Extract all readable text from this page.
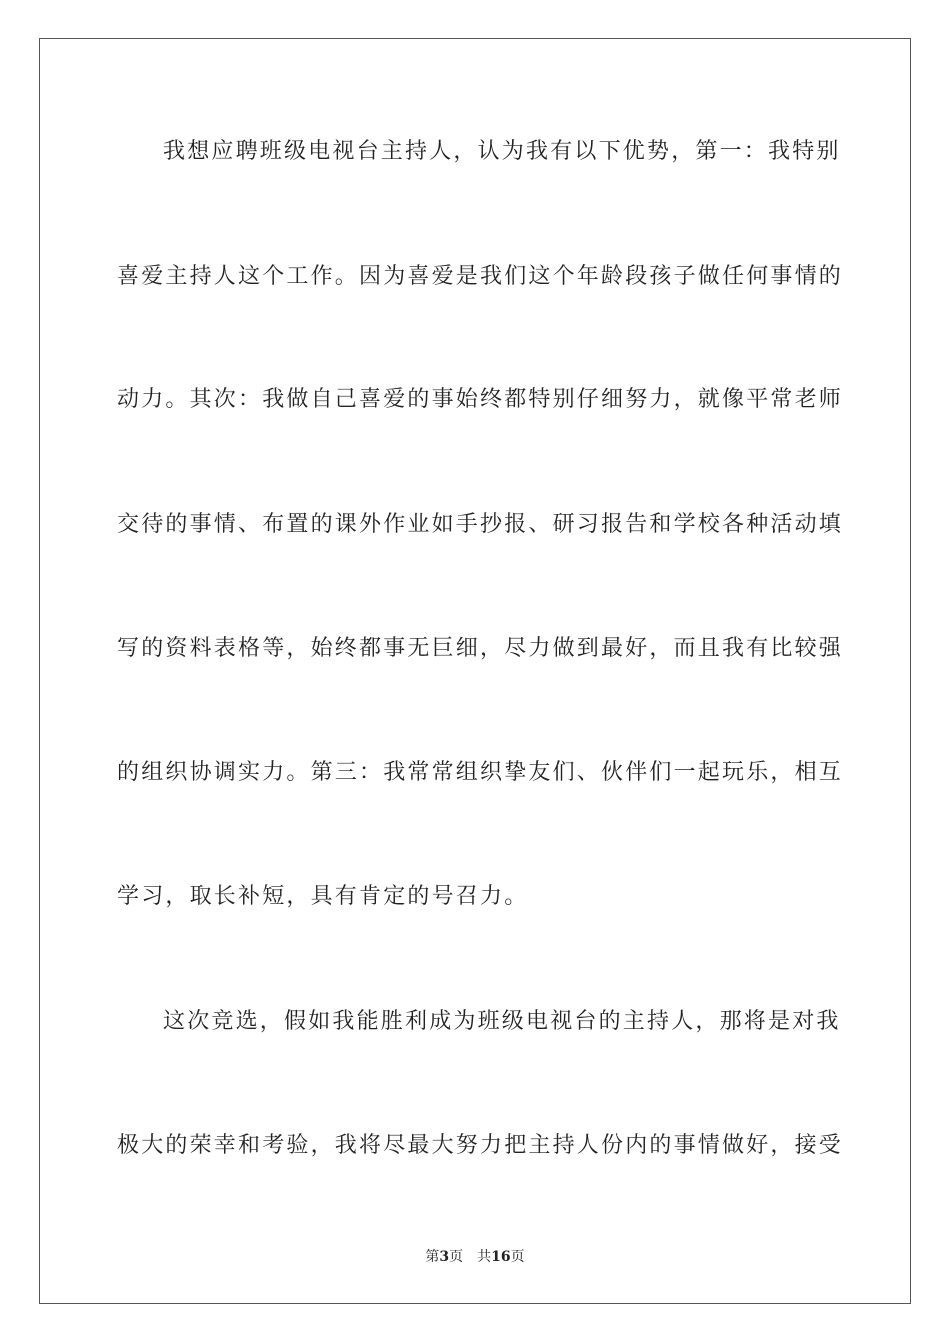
我想应聘班级电视台主持人，认为我有以下优势，第一：我特别
喜爱主持人这个工作。因为喜爱是我们这个年龄段孩子做任何事情的
动力。其次：我做自己喜爱的事始终都特别仔细努力，就像平常老师
交待的事情、布置的课外作业如手抄报、研习报告和学校各种活动填
写的资料表格等，始终都事无巨细，尽力做到最好，而且我有比较强
的组织协调实力。第三：我常常组织挚友们、伙伴们一起玩乐，相互
学习，取长补短，具有肯定的号召力。
这次竞选，假如我能胜利成为班级电视台的主持人，那将是对我
极大的荣幸和考验，我将尽最大努力把主持人份内的事情做好，接受
第3页 共16页
